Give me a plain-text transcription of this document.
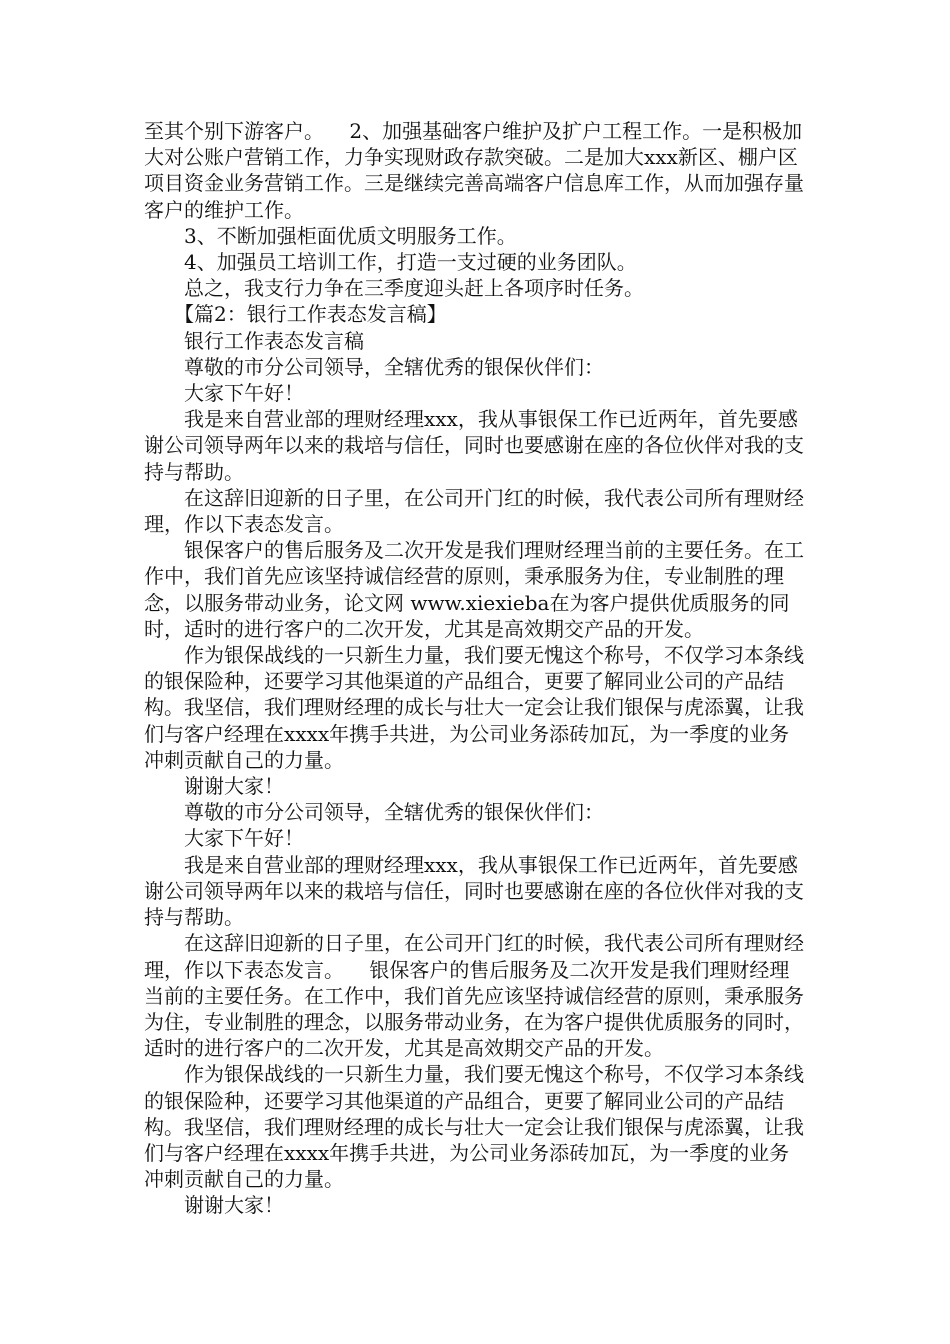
至其个别下游客户。    2、加强基础客户维护及扩户工程工作。一是积极加大对公账户营销工作，力争实现财政存款突破。二是加大xxx新区、棚户区项目资金业务营销工作。三是继续完善高端客户信息库工作，从而加强存量客户的维护工作。

3、不断加强柜面优质文明服务工作。

4、加强员工培训工作，打造一支过硬的业务团队。

总之，我支行力争在三季度迎头赶上各项序时任务。

【篇2：银行工作表态发言稿】

银行工作表态发言稿

尊敬的市分公司领导，全辖优秀的银保伙伴们：

大家下午好！

我是来自营业部的理财经理xxx，我从事银保工作已近两年，首先要感谢公司领导两年以来的栽培与信任，同时也要感谢在座的各位伙伴对我的支持与帮助。

在这辞旧迎新的日子里，在公司开门红的时候，我代表公司所有理财经理，作以下表态发言。

银保客户的售后服务及二次开发是我们理财经理当前的主要任务。在工作中，我们首先应该坚持诚信经营的原则，秉承服务为住，专业制胜的理念，以服务带动业务，论文网 www.xiexieba在为客户提供优质服务的同时，适时的进行客户的二次开发，尤其是高效期交产品的开发。

作为银保战线的一只新生力量，我们要无愧这个称号，不仅学习本条线的银保险种，还要学习其他渠道的产品组合，更要了解同业公司的产品结构。我坚信，我们理财经理的成长与壮大一定会让我们银保与虎添翼，让我们与客户经理在xxxx年携手共进，为公司业务添砖加瓦，为一季度的业务冲刺贡献自己的力量。

谢谢大家！

尊敬的市分公司领导，全辖优秀的银保伙伴们：

大家下午好！

我是来自营业部的理财经理xxx，我从事银保工作已近两年，首先要感谢公司领导两年以来的栽培与信任，同时也要感谢在座的各位伙伴对我的支持与帮助。

在这辞旧迎新的日子里，在公司开门红的时候，我代表公司所有理财经理，作以下表态发言。    银保客户的售后服务及二次开发是我们理财经理当前的主要任务。在工作中，我们首先应该坚持诚信经营的原则，秉承服务为住，专业制胜的理念，以服务带动业务，在为客户提供优质服务的同时，适时的进行客户的二次开发，尤其是高效期交产品的开发。

作为银保战线的一只新生力量，我们要无愧这个称号，不仅学习本条线的银保险种，还要学习其他渠道的产品组合，更要了解同业公司的产品结构。我坚信，我们理财经理的成长与壮大一定会让我们银保与虎添翼，让我们与客户经理在xxxx年携手共进，为公司业务添砖加瓦，为一季度的业务冲刺贡献自己的力量。

谢谢大家！
